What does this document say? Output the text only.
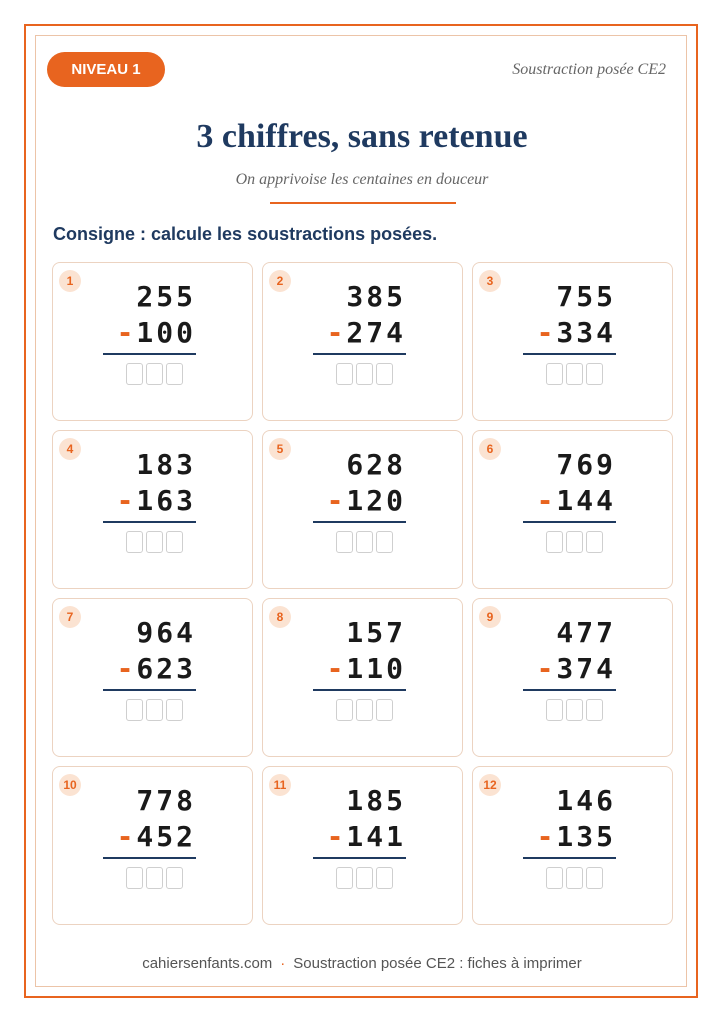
NIVEAU 1	Soustraction posée CE2
3 chiffres, sans retenue
On apprivoise les centaines en douceur
Consigne : calcule les soustractions posées.
1	255
-100
2	385
-274
3	755
-334
4	183
-163
5	628
-120
6	769
-144
7	964
-623
8	157
-110
9	477
-374
10	778
-452
11	185
-141
12	146
-135
cahiersenfants.com · Soustraction posée CE2 : fiches à imprimer
